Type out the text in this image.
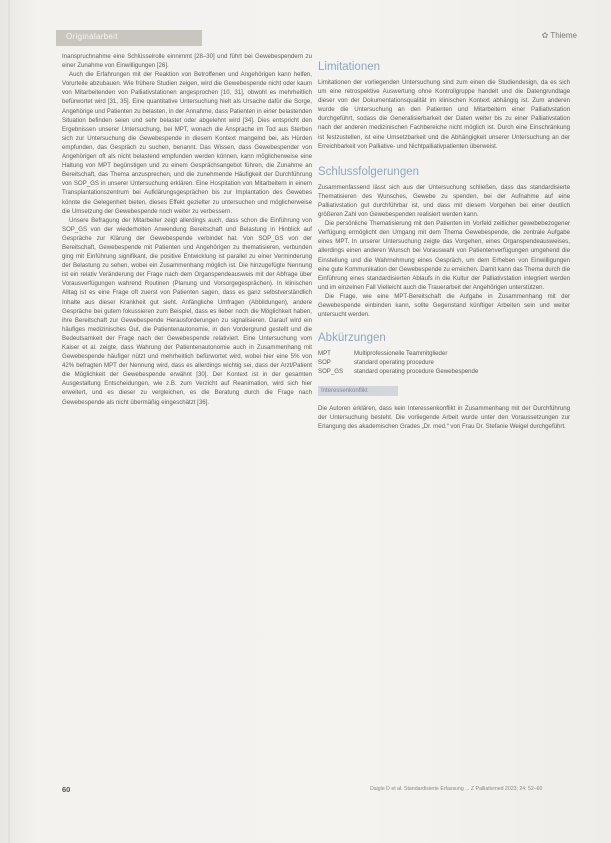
Originalarbeit	✿ Thieme

Inanspruchnahme eine Schlüsselrolle einnimmt [28–30] und führt bei Gewebespendern zu einer Zunahme von Einwilligungen [26].

Auch die Erfahrungen mit der Reaktion von Betroffenen und Angehörigen kann helfen, Vorurteile abzubauen. Wie frühere Studien zeigen, wird die Gewebespende nicht oder kaum von Mitarbeitenden von Palliativstationen angesprochen [10, 31], obwohl es mehrheitlich befürwortet wird [31, 35]. Eine quantitative Untersuchung hielt als Ursache dafür die Sorge, Angehörige und Patienten zu belasten, in der Annahme, dass Patienten in einer belastenden Situation befinden seien und sehr belastet oder abgelehnt wird [34]. Dies entspricht den Ergebnissen unserer Untersuchung, bei MPT, wonach die Ansprache im Tod aus Sterben sich zur Untersuchung die Gewebespende in diesem Kontext mangelnd bei, als Hürden empfunden, das Gespräch zu suchen, benannt. Das Wissen, dass Gewebespender von Angehörigen oft als nicht belastend empfunden werden können, kann möglicherweise eine Haltung von MPT begünstigen und zu einem Gesprächsangebot führen, die Zunahme an Bereitschaft, das Thema anzusprechen, und die zunehmende Häufigkeit der Durchführung von SOP_GS in unserer Untersuchung erklären. Eine Hospitation von Mitarbeitern in einem Transplantationszentrum bei Aufklärungsgesprächen bis zur Implantation des Gewebes könnte die Gelegenheit bieten, dieses Effekt gezielter zu untersuchen und möglicherweise die Umsetzung der Gewebespende noch weiter zu verbessern.

Unsere Befragung der Mitarbeiter zeigt allerdings auch, dass schon die Einführung von SOP_GS von der wiederholten Anwendung Bereitschaft und Belastung in Hinblick auf Gespräche zur Klärung der Gewebespende verbindet hat. Von SOP_GS von der Bereitschaft, Gewebespende mit Patienten und Angehörigen zu thematisieren, verbunden ging mit Einführung signifikant, die positive Entwicklung ist parallel zu einer Verminderung der Belastung zu sehen, wobei ein Zusammenhang möglich ist. Die hinzugefügte Nennung ist ein relativ Veränderung der Frage nach dem Organspendeausweis mit der Abfrage über Vorausverfügungen wahrend Routinen (Planung und Vorsorgegesprächen). In klinischen Alltag ist es eine Frage oft zuerst von Patienten sagen, dass es ganz selbstverständlich Inhalte aus dieser Krankheit gut sieht. Anfängliche Umfragen (Abbildungen), andere Gespräche bei gutem fokussieren zum Beispiel, dass es lieber noch die Möglichkeit haben, ihre Bereitschaft zur Gewebespende Herausforderungen zu signalisieren. Darauf wird ein häufiges medizinisches Gut, die Patientenautonomie, in den Vordergrund gestellt und die Bedeutsamkeit der Frage nach der Gewebespende relativiert. Eine Untersuchung vom Kaiser et al. zeigte, dass Wahrung der Patientenautonomie auch in Zusammenhang mit Gewebespende häufiger nützt und mehrheitlich befürwortet wird, wobei hier eine 5% von 42% befragten MPT der Nennung wird, dass es allerdings wichtig sei, dass der Arzt/Patient die Möglichkeit der Gewebespende erwähnt [30]. Der Kontext ist in der gesamten Ausgestaltung Entscheidungen, wie z.B. zum Verzicht auf Reanimation, wird sich hier erweitert, und es dieser zu vergleichen, es die Beratung durch die Frage nach Gewebespende als nicht übermäßig eingeschätzt [36].

Limitationen

Limitationen der vorliegenden Untersuchung sind zum einen die Studiendesign, da es sich um eine retrospektive Auswertung ohne Kontrollgruppe handelt und die Datengrundlage dieser von der Dokumentationsqualität im klinischen Kontext abhängig ist. Zum anderen wurde die Untersuchung an den Patienten und Mitarbeitern einer Palliativstation durchgeführt, sodass die Generalisierbarkeit der Daten weiter bis zu einer Palliativstation nach der anderen medizinischen Fachbereiche nicht möglich ist. Durch eine Einschränkung ist festzustellen, ist eine Umsetzbarkeit und die Abhängigkeit unserer Untersuchung an der Erreichbarkeit von Palliative- und Nichtpalliativpatienten überweist.

Schlussfolgerungen

Zusammenfassend lässt sich aus der Untersuchung schließen, dass das standardisierte Thematisieren des Wunsches, Gewebe zu spenden, bei der Aufnahme auf eine Palliativstation gut durchführbar ist, und dass mit diesem Vorgehen bei einer deutlich größeren Zahl von Gewebespenden realisiert werden kann.

Die persönliche Thematisierung mit den Patienten im Vorfeld zeitlicher gewebebezogener Verfügung ermöglicht den Umgang mit dem Thema Gewebespende, die zentrale Aufgabe eines MPT. In unserer Untersuchung zeigte das Vorgehen, eines Organspendeausweises, allerdings einen anderen Wunsch bei Vorauswahl von Patientenverfügungen umgehend die Einstellung und die Wahrnehmung eines Gespräch, um dem Erheben von Einwilligungen eine gute Kommunikation der Gewebespende zu erreichen. Damit kann das Thema durch die Einführung eines standardisierten Ablaufs in die Kultur der Palliativstation integriert werden und im einzelnen Fall Vielleicht auch die Trauerarbeit der Angehörigen unterstützen.

Die Frage, wie eine MPT-Bereitschaft die Aufgabe in Zusammenhang mit der Gewebespende einbinden kann, sollte Gegenstand künftiger Arbeiten sein und weiter untersucht werden.

Abkürzungen
MPT	Multiprofessionelle Teammitglieder
SOP	standard operating procedure
SOP_GS	standard operating procedure Gewebespende
Interessenkonflikt

Die Autoren erklären, dass kein Interessenkonflikt in Zusammenhang mit der Durchführung der Untersuchung besteht. Die vorliegende Arbeit wurde unter den Voraussetzungen zur Erlangung des akademischen Grades „Dr. med.“ von Frau Dr. Stefanie Weigel durchgeführt.

60	Daigle D et al. Standardisierte Erfassung ... Z Palliativmed 2023; 24: 52–60
